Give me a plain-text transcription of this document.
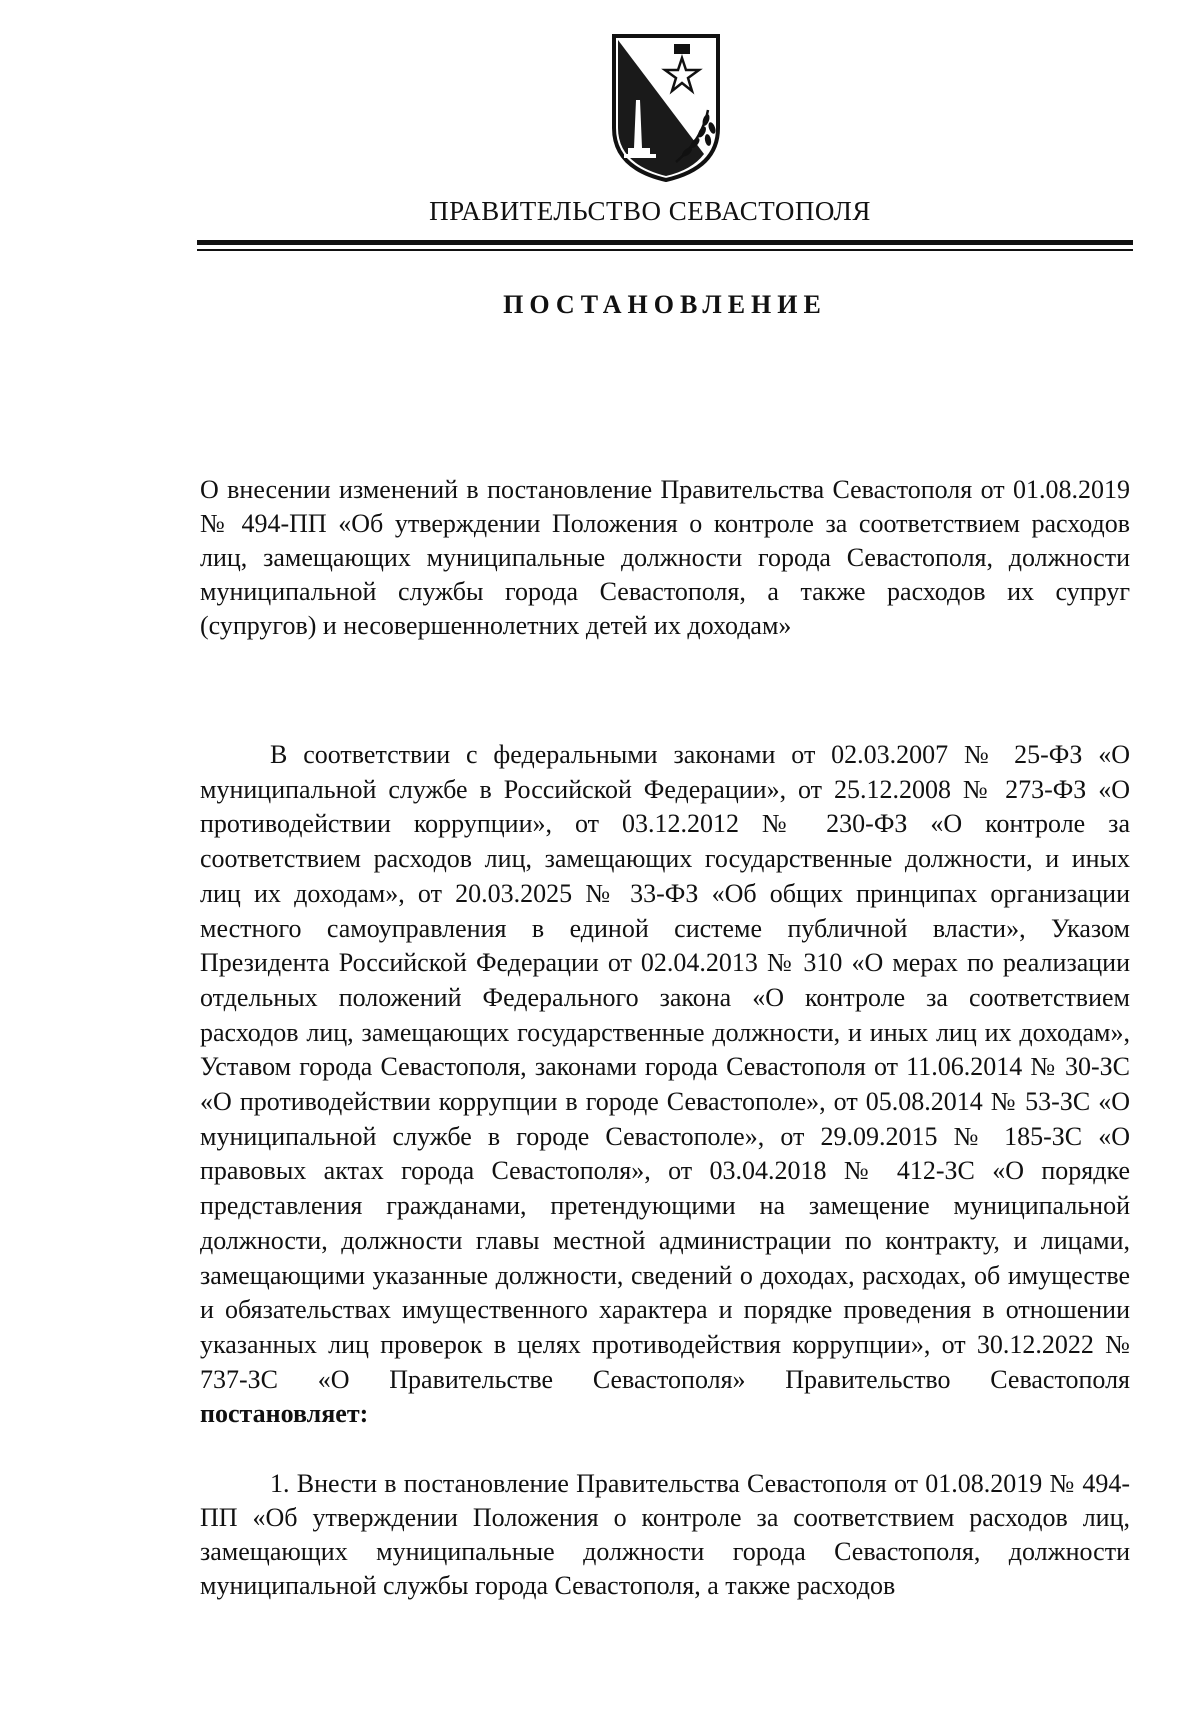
ПРАВИТЕЛЬСТВО СЕВАСТОПОЛЯ
ПОСТАНОВЛЕНИЕ
О внесении изменений в постановление Правительства Севастополя от 01.08.2019 № 494-ПП «Об утверждении Положения о контроле за соответствием расходов лиц, замещающих муниципальные должности города Севастополя, должности муниципальной службы города Севастополя, а также расходов их супруг (супругов) и несовершеннолетних детей их доходам»
В соответствии с федеральными законами от 02.03.2007 № 25-ФЗ «О муниципальной службе в Российской Федерации», от 25.12.2008 № 273-ФЗ «О противодействии коррупции», от 03.12.2012 № 230-ФЗ «О контроле за соответствием расходов лиц, замещающих государственные должности, и иных лиц их доходам», от 20.03.2025 № 33-ФЗ «Об общих принципах организации местного самоуправления в единой системе публичной власти», Указом Президента Российской Федерации от 02.04.2013 № 310 «О мерах по реализации отдельных положений Федерального закона «О контроле за соответствием расходов лиц, замещающих государственные должности, и иных лиц их доходам», Уставом города Севастополя, законами города Севастополя от 11.06.2014 № 30-ЗС «О противодействии коррупции в городе Севастополе», от 05.08.2014 № 53-ЗС «О муниципальной службе в городе Севастополе», от 29.09.2015 № 185-ЗС «О правовых актах города Севастополя», от 03.04.2018 № 412-ЗС «О порядке представления гражданами, претендующими на замещение муниципальной должности, должности главы местной администрации по контракту, и лицами, замещающими указанные должности, сведений о доходах, расходах, об имуществе и обязательствах имущественного характера и порядке проведения в отношении указанных лиц проверок в целях противодействия коррупции», от 30.12.2022 № 737-ЗС «О Правительстве Севастополя» Правительство Севастополя постановляет:
1. Внести в постановление Правительства Севастополя от 01.08.2019 № 494-ПП «Об утверждении Положения о контроле за соответствием расходов лиц, замещающих муниципальные должности города Севастополя, должности муниципальной службы города Севастополя, а также расходов
